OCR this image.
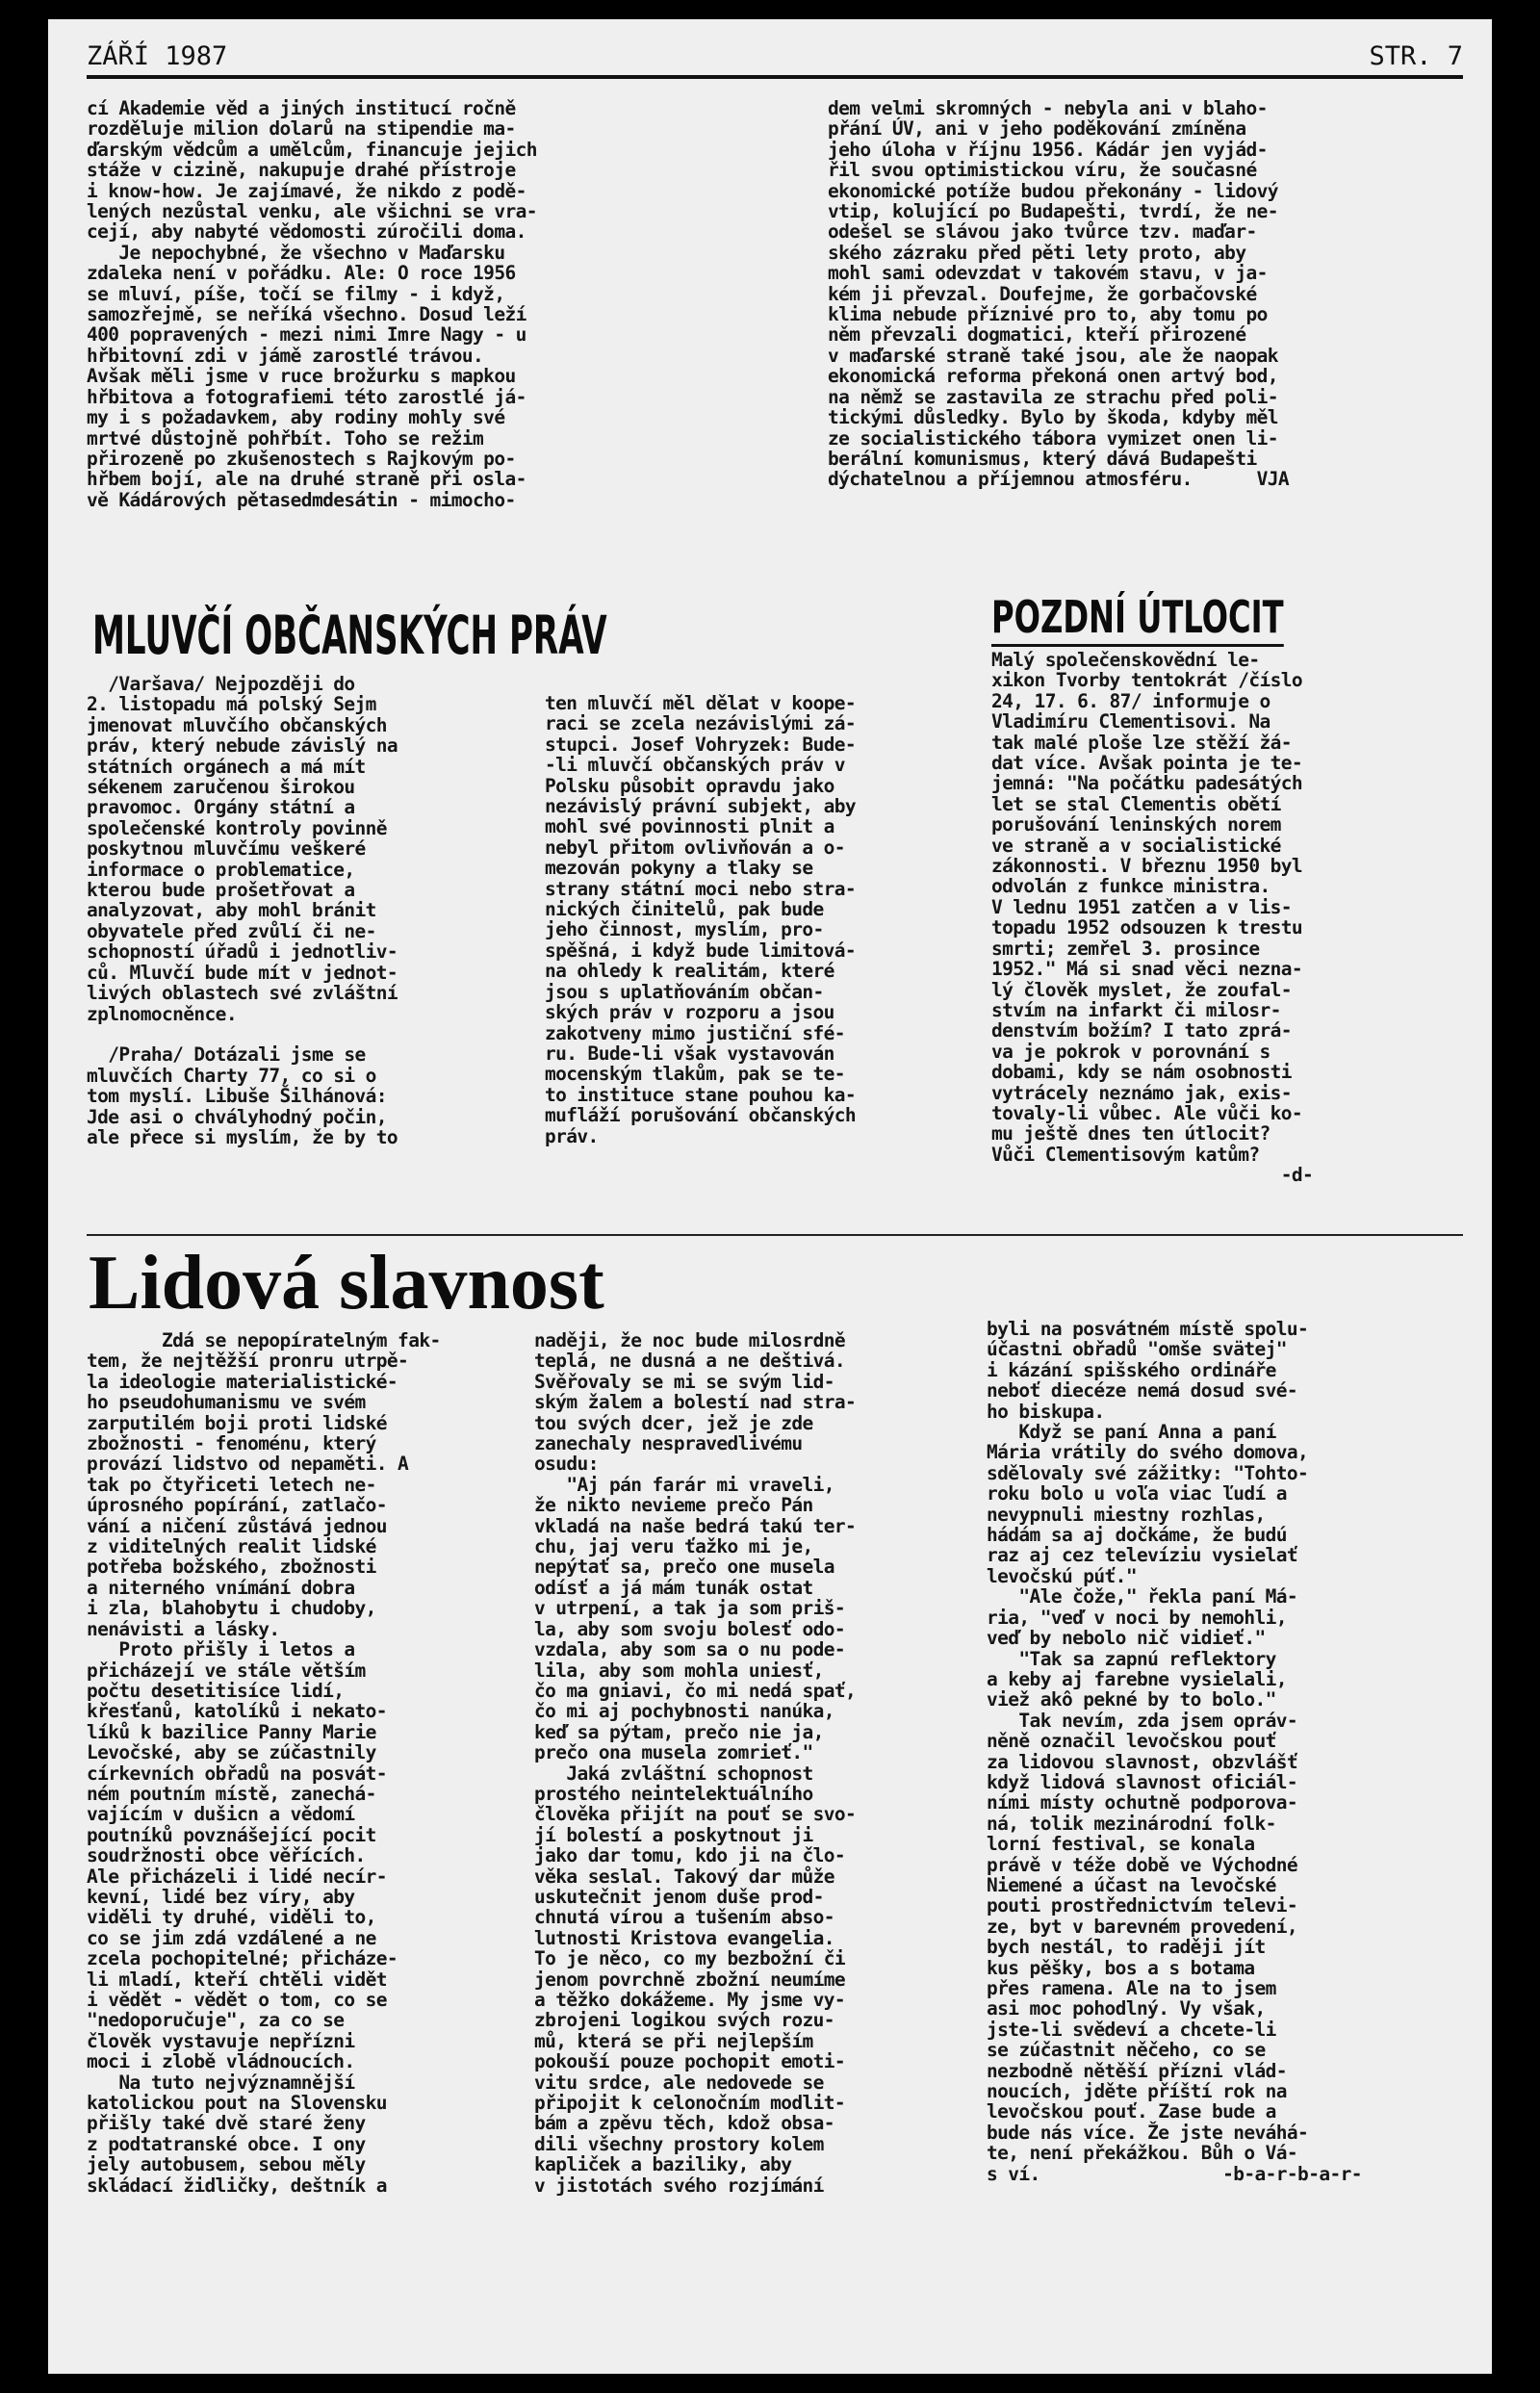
ZÁŘÍ 1987	STR. 7
cí Akademie věd a jiných institucí ročně
rozděluje milion dolarů na stipendie ma-
ďarským vědcům a umělcům, financuje jejich
stáže v cizině, nakupuje drahé přístroje
i know-how. Je zajímavé, že nikdo z podě-
lených nezůstal venku, ale všichni se vra-
cejí, aby nabyté vědomosti zúročili doma.
Je nepochybné, že všechno v Maďarsku
zdaleka není v pořádku. Ale: O roce 1956
se mluví, píše, točí se filmy - i když,
samozřejmě, se neříká všechno. Dosud leží
400 popravených - mezi nimi Imre Nagy - u
hřbitovní zdi v jámě zarostlé trávou.
Avšak měli jsme v ruce brožurku s mapkou
hřbitova a fotografiemi této zarostlé já-
my i s požadavkem, aby rodiny mohly své
mrtvé důstojně pohřbít. Toho se režim
přirozeně po zkušenostech s Rajkovým po-
hřbem bojí, ale na druhé straně při osla-
vě Kádárových pětasedmdesátin - mimocho-
dem velmi skromných - nebyla ani v blaho-
přání ÚV, ani v jeho poděkování zmíněna
jeho úloha v říjnu 1956. Kádár jen vyjád-
řil svou optimistickou víru, že současné
ekonomické potíže budou překonány - lidový
vtip, kolující po Budapešti, tvrdí, že ne-
odešel se slávou jako tvůrce tzv. maďar-
ského zázraku před pěti lety proto, aby
mohl sami odevzdat v takovém stavu, v ja-
kém ji převzal. Doufejme, že gorbačovské
klima nebude příznivé pro to, aby tomu po
něm převzali dogmatici, kteří přirozené
v maďarské straně také jsou, ale že naopak
ekonomická reforma překoná onen artvý bod,
na němž se zastavila ze strachu před poli-
tickými důsledky. Bylo by škoda, kdyby měl
ze socialistického tábora vymizet onen li-
berální komunismus, který dává Budapešti
dýchatelnou a příjemnou atmosféru.      VJA
MLUVČÍ OBČANSKÝCH PRÁV
/Varšava/ Nejpozději do
2. listopadu má polský Sejm
jmenovat mluvčího občanských
práv, který nebude závislý na
státních orgánech a má mít
sékenem zaručenou širokou
pravomoc. Orgány státní a
společenské kontroly povinně
poskytnou mluvčímu veškeré
informace o problematice,
kterou bude prošetřovat a
analyzovat, aby mohl bránit
obyvatele před zvůlí či ne-
schopností úřadů i jednotliv-
ců. Mluvčí bude mít v jednot-
livých oblastech své zvláštní
zplnomocněnce.

/Praha/ Dotázali jsme se
mluvčích Charty 77, co si o
tom myslí. Libuše Šilhánová:
Jde asi o chvályhodný počin,
ale přece si myslím, že by to
ten mluvčí měl dělat v koope-
raci se zcela nezávislými zá-
stupci. Josef Vohryzek: Bude-
-li mluvčí občanských práv v
Polsku působit opravdu jako
nezávislý právní subjekt, aby
mohl své povinnosti plnit a
nebyl přitom ovlivňován a o-
mezován pokyny a tlaky se
strany státní moci nebo stra-
nických činitelů, pak bude
jeho činnost, myslím, pro-
spěšná, i když bude limitová-
na ohledy k realitám, které
jsou s uplatňováním občan-
ských práv v rozporu a jsou
zakotveny mimo justiční sfé-
ru. Bude-li však vystavován
mocenským tlakům, pak se te-
to instituce stane pouhou ka-
mufláží porušování občanských
práv.
POZDNÍ ÚTLOCIT
Malý společenskovědní le-
xikon Tvorby tentokrát /číslo
24, 17. 6. 87/ informuje o
Vladimíru Clementisovi. Na
tak malé ploše lze stěží žá-
dat více. Avšak pointa je te-
jemná: "Na počátku padesátých
let se stal Clementis obětí
porušování leninských norem
ve straně a v socialistické
zákonnosti. V březnu 1950 byl
odvolán z funkce ministra.
V lednu 1951 zatčen a v lis-
topadu 1952 odsouzen k trestu
smrti; zemřel 3. prosince
1952." Má si snad věci nezna-
lý člověk myslet, že zoufal-
stvím na infarkt či milosr-
denstvím božím? I tato zprá-
va je pokrok v porovnání s
dobami, kdy se nám osobnosti
vytrácely neznámo jak, exis-
tovaly-li vůbec. Ale vůči ko-
mu ještě dnes ten útlocit?
Vůči Clementisovým katům?
-d-
Lidová slavnost
Zdá se nepopíratelným fak-
tem, že nejtěžší pronru utrpě-
la ideologie materialistické-
ho pseudohumanismu ve svém
zarputilém boji proti lidské
zbožnosti - fenoménu, který
provází lidstvo od nepaměti. A
tak po čtyřiceti letech ne-
úprosného popírání, zatlačo-
vání a ničení zůstává jednou
z viditelných realit lidské
potřeba božského, zbožnosti
a niterného vnímání dobra
i zla, blahobytu i chudoby,
nenávisti a lásky.
Proto přišly i letos a
přicházejí ve stále větším
počtu desetitisíce lidí,
křesťanů, katolíků i nekato-
líků k bazilice Panny Marie
Levočské, aby se zúčastnily
církevních obřadů na posvát-
ném poutním místě, zanechá-
vajícím v dušicn a vědomí
poutníků povznášející pocit
soudržnosti obce věřících.
Ale přicházeli i lidé necír-
kevní, lidé bez víry, aby
viděli ty druhé, viděli to,
co se jim zdá vzdálené a ne
zcela pochopitelné; přicháze-
li mladí, kteří chtěli vidět
i vědět - vědět o tom, co se
"nedoporučuje", za co se
člověk vystavuje nepřízni
moci i zlobě vládnoucích.
Na tuto nejvýznamnější
katolickou pout na Slovensku
přišly také dvě staré ženy
z podtatranské obce. I ony
jely autobusem, sebou měly
skládací židličky, deštník a
naději, že noc bude milosrdně
teplá, ne dusná a ne deštivá.
Svěřovaly se mi se svým lid-
ským žalem a bolestí nad stra-
tou svých dcer, jež je zde
zanechaly nespravedlivému
osudu:
"Aj pán farár mi vraveli,
že nikto nevieme prečo Pán
vkladá na naše bedrá takú ter-
chu, jaj veru ťažko mi je,
nepýtať sa, prečo one musela
odísť a já mám tunák ostat
v utrpení, a tak ja som priš-
la, aby som svoju bolesť odo-
vzdala, aby som sa o nu pode-
lila, aby som mohla uniesť,
čo ma gniavi, čo mi nedá spať,
čo mi aj pochybnosti nanúka,
keď sa pýtam, prečo nie ja,
prečo ona musela zomrieť."
Jaká zvláštní schopnost
prostého neintelektuálního
člověka přijít na pouť se svo-
jí bolestí a poskytnout ji
jako dar tomu, kdo ji na člo-
věka seslal. Takový dar může
uskutečnit jenom duše prod-
chnutá vírou a tušením abso-
lutnosti Kristova evangelia.
To je něco, co my bezbožní či
jenom povrchně zbožní neumíme
a těžko dokážeme. My jsme vy-
zbrojeni logikou svých rozu-
mů, která se při nejlepším
pokouší pouze pochopit emoti-
vitu srdce, ale nedovede se
připojit k celonočním modlit-
bám a zpěvu těch, kdož obsa-
dili všechny prostory kolem
kapliček a baziliky, aby
v jistotách svého rozjímání
byli na posvátném místě spolu-
účastni obřadů "omše svätej"
i kázání spišského ordináře
neboť diecéze nemá dosud své-
ho biskupa.
Když se paní Anna a paní
Mária vrátily do svého domova,
sdělovaly své zážitky: "Tohto-
roku bolo u voľa viac ľudí a
nevypnuli miestny rozhlas,
hádám sa aj dočkáme, že budú
raz aj cez televíziu vysielať
levočskú púť."
"Ale čože," řekla paní Má-
ria, "veď v noci by nemohli,
veď by nebolo nič vidieť."
"Tak sa zapnú reflektory
a keby aj farebne vysielali,
viež akô pekné by to bolo."
Tak nevím, zda jsem opráv-
něně označil levočskou pouť
za lidovou slavnost, obzvlášť
když lidová slavnost oficiál-
ními místy ochutně podporova-
ná, tolik mezinárodní folk-
lorní festival, se konala
právě v téže době ve Východné
Niemené a účast na levočské
pouti prostřednictvím televi-
ze, byt v barevném provedení,
bych nestál, to raději jít
kus pěšky, bos a s botama
přes ramena. Ale na to jsem
asi moc pohodlný. Vy však,
jste-li svědeví a chcete-li
se zúčastnit něčeho, co se
nezbodně nětěší přízni vlád-
noucích, jděte příští rok na
levočskou pouť. Zase bude a
bude nás více. Že jste neváhá-
te, není překážkou. Bůh o Vá-
s ví.                 -b-a-r-b-a-r-
